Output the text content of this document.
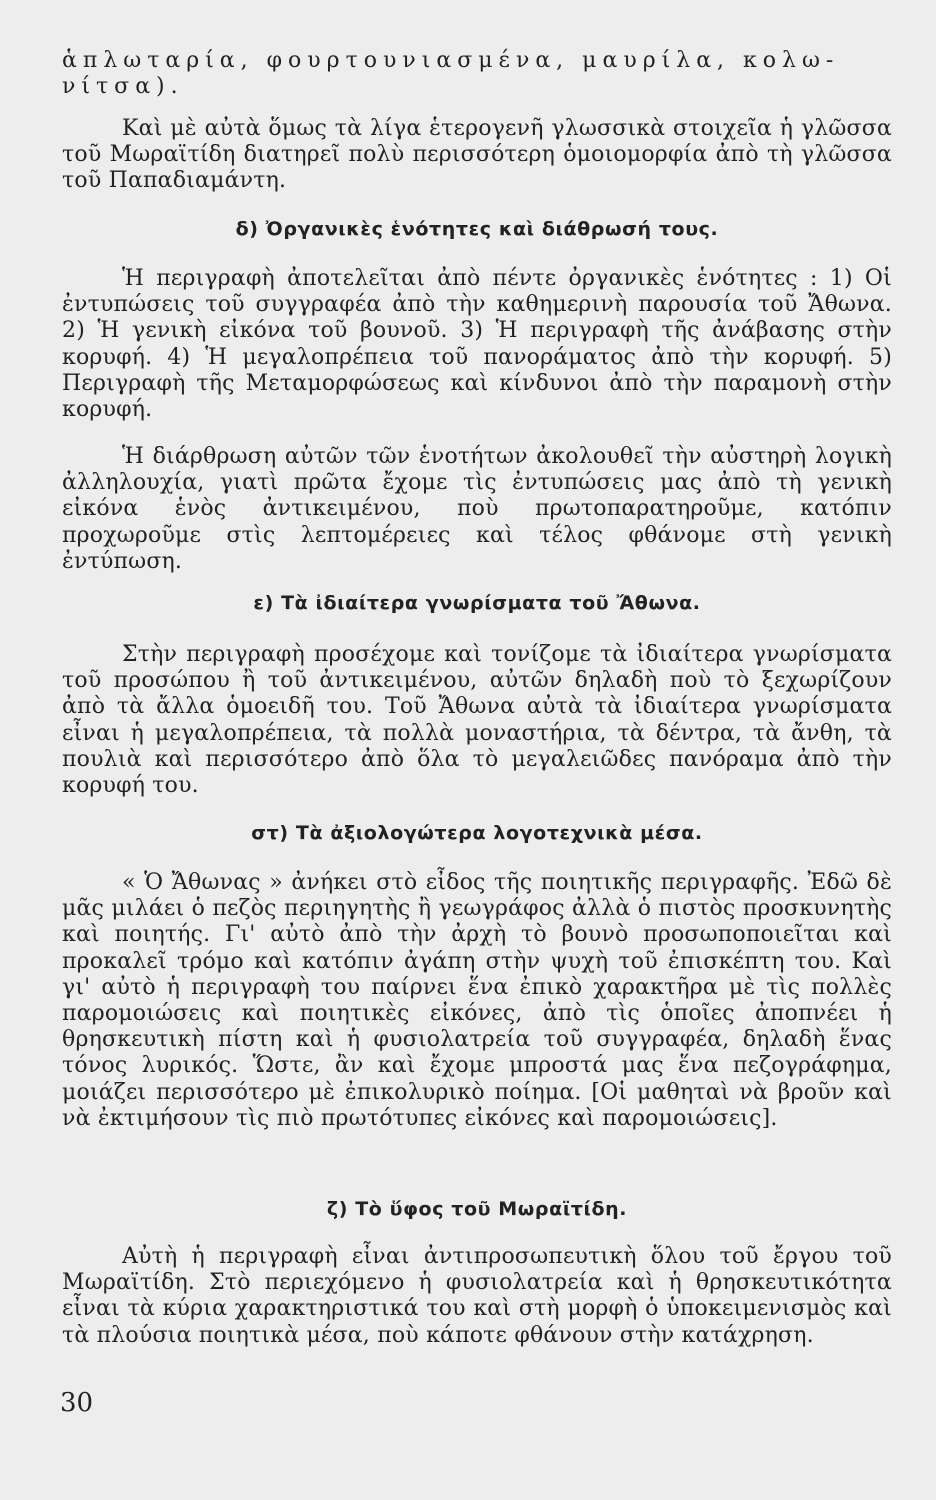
ἁπλωταρία, φουρτουνιασμένα, μαυρίλα, κολω-

νίτσα).

Καὶ μὲ αὐτὰ ὅμως τὰ λίγα ἑτερογενῆ γλωσσικὰ στοιχεῖα ἡ γλῶσσα τοῦ Μωραϊτίδη διατηρεῖ πολὺ περισσότερη ὁμοιομορφία ἀπὸ τὴ γλῶσσα τοῦ Παπαδιαμάντη.

δ) Ὀργανικὲς ἑνότητες καὶ διάθρωσή τους.

Ἡ περιγραφὴ ἀποτελεῖται ἀπὸ πέντε ὀργανικὲς ἑνότητες : 1) Οἱ ἐντυπώσεις τοῦ συγγραφέα ἀπὸ τὴν καθημερινὴ παρουσία τοῦ Ἄθωνα. 2) Ἡ γενικὴ εἰκόνα τοῦ βουνοῦ. 3) Ἡ περιγραφὴ τῆς ἀνάβασης στὴν κορυφή. 4) Ἡ μεγαλοπρέπεια τοῦ πανοράματος ἀπὸ τὴν κορυφή. 5) Περιγραφὴ τῆς Μεταμορφώσεως καὶ κίνδυνοι ἀπὸ τὴν παραμονὴ στὴν κορυφή.

Ἡ διάρθρωση αὐτῶν τῶν ἑνοτήτων ἀκολουθεῖ τὴν αὐστηρὴ λογικὴ ἀλληλουχία, γιατὶ πρῶτα ἔχομε τὶς ἐντυπώσεις μας ἀπὸ τὴ γενικὴ εἰκόνα ἑνὸς ἀντικειμένου, ποὺ πρωτοπαρατηροῦμε, κατόπιν προχωροῦμε στὶς λεπτομέρειες καὶ τέλος φθάνομε στὴ γενικὴ ἐντύπωση.

ε) Τὰ ἰδιαίτερα γνωρίσματα τοῦ Ἄθωνα.

Στὴν περιγραφὴ προσέχομε καὶ τονίζομε τὰ ἰδιαίτερα γνωρίσματα τοῦ προσώπου ἢ τοῦ ἀντικειμένου, αὐτῶν δηλαδὴ ποὺ τὸ ξεχωρίζουν ἀπὸ τὰ ἄλλα ὁμοειδῆ του. Τοῦ Ἄθωνα αὐτὰ τὰ ἰδιαίτερα γνωρίσματα εἶναι ἡ μεγαλοπρέπεια, τὰ πολλὰ μοναστήρια, τὰ δέντρα, τὰ ἄνθη, τὰ πουλιὰ καὶ περισσότερο ἀπὸ ὅλα τὸ μεγαλειῶδες πανόραμα ἀπὸ τὴν κορυφή του.

στ) Τὰ ἀξιολογώτερα λογοτεχνικὰ μέσα.

« Ὁ Ἄθωνας » ἀνήκει στὸ εἶδος τῆς ποιητικῆς περιγραφῆς. Ἐδῶ δὲ μᾶς μιλάει ὁ πεζὸς περιηγητὴς ἢ γεωγράφος ἀλλὰ ὁ πιστὸς προσκυνητὴς καὶ ποιητής. Γι' αὐτὸ ἀπὸ τὴν ἀρχὴ τὸ βουνὸ προσωποποιεῖται καὶ προκαλεῖ τρόμο καὶ κατόπιν ἀγάπη στὴν ψυχὴ τοῦ ἐπισκέπτη του. Καὶ γι' αὐτὸ ἡ περιγραφὴ του παίρνει ἕνα ἐπικὸ χαρακτῆρα μὲ τὶς πολλὲς παρομοιώσεις καὶ ποιητικὲς εἰκόνες, ἀπὸ τὶς ὁποῖες ἀποπνέει ἡ θρησκευτικὴ πίστη καὶ ἡ φυσιολατρεία τοῦ συγγραφέα, δηλαδὴ ἕνας τόνος λυρικός. Ὥστε, ἂν καὶ ἔχομε μπροστά μας ἕνα πεζογράφημα, μοιάζει περισσότερο μὲ ἐπικολυρικὸ ποίημα. [Οἱ μαθηταὶ νὰ βροῦν καὶ νὰ ἐκτιμήσουν τὶς πιὸ πρωτότυπες εἰκόνες καὶ παρομοιώσεις].

ζ) Τὸ ὕφος τοῦ Μωραϊτίδη.

Αὐτὴ ἡ περιγραφὴ εἶναι ἀντιπροσωπευτικὴ ὅλου τοῦ ἔργου τοῦ Μωραϊτίδη. Στὸ περιεχόμενο ἡ φυσιολατρεία καὶ ἡ θρησκευτικότητα εἶναι τὰ κύρια χαρακτηριστικά του καὶ στὴ μορφὴ ὁ ὑποκειμενισμὸς καὶ τὰ πλούσια ποιητικὰ μέσα, ποὺ κάποτε φθάνουν στὴν κατάχρηση.

30
